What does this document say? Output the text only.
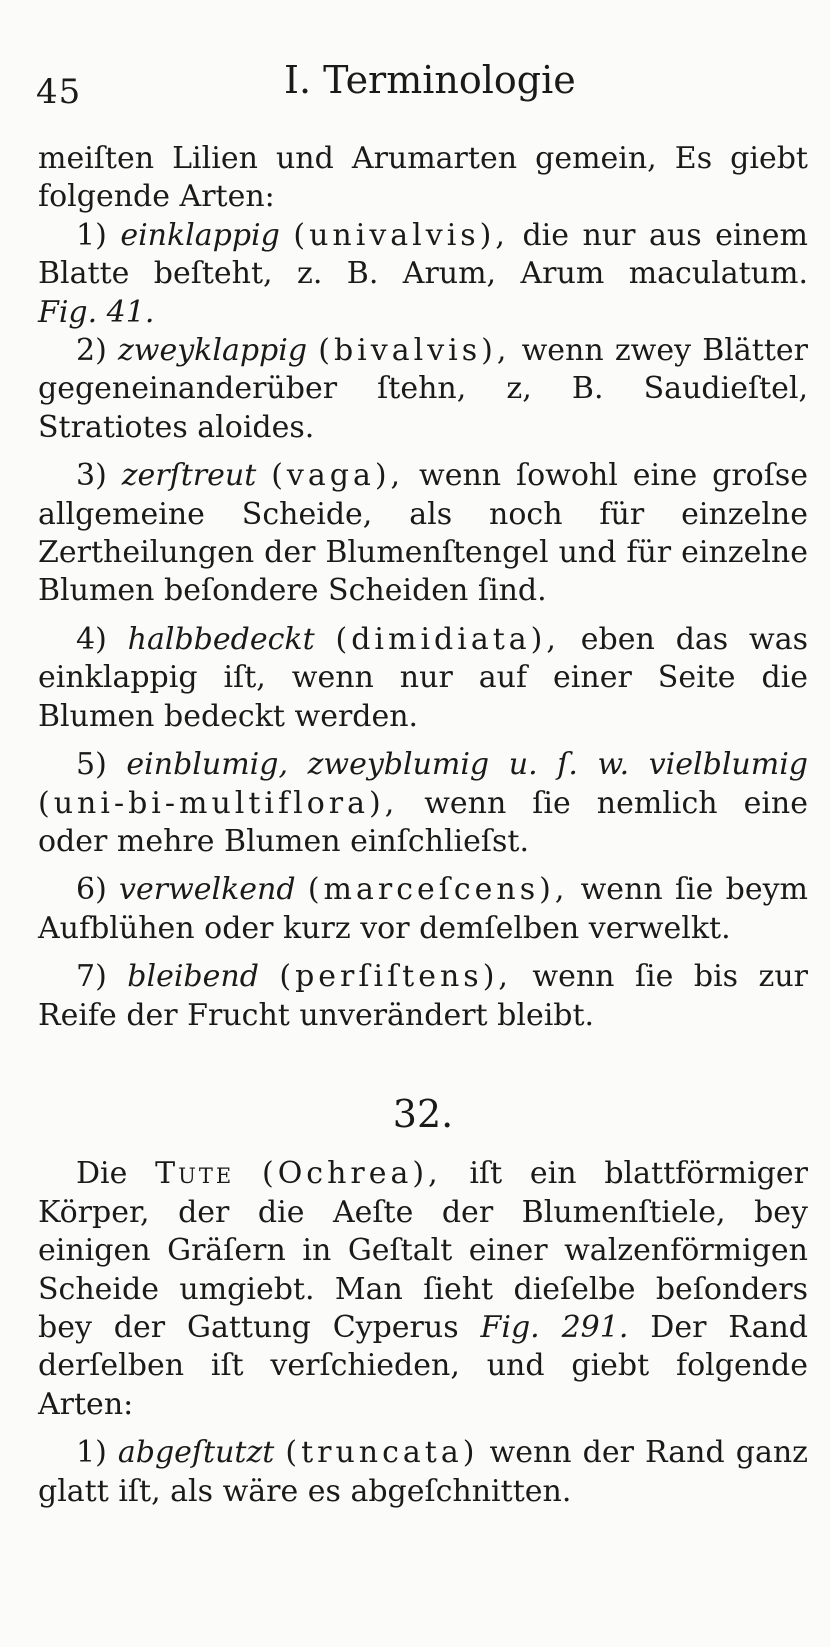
45	I. Terminologie

meiſten Lilien und Arumarten gemein, Es giebt folgende Arten:

1) einklappig (univalvis), die nur aus einem Blatte beſteht, z. B. Arum, Arum maculatum.

Fig. 41.

2) zweyklappig (bivalvis), wenn zwey Blätter gegeneinanderüber ſtehn, z, B. Saudieſtel, Stratiotes aloides.

3) zerſtreut (vaga), wenn ſowohl eine groſse allgemeine Scheide, als noch für einzelne Zertheilungen der Blumenſtengel und für einzelne Blumen beſondere Scheiden ſind.

4) halbbedeckt (dimidiata), eben das was einklappig iſt, wenn nur auf einer Seite die Blumen bedeckt werden.

5) einblumig, zweyblumig u. ſ. w. vielblumig (uni-bi-multiflora), wenn ſie nemlich eine oder mehre Blumen einſchlieſst.

6) verwelkend (marceſcens), wenn ſie beym Aufblühen oder kurz vor demſelben verwelkt.

7) bleibend (perſiſtens), wenn ſie bis zur Reife der Frucht unverändert bleibt.

32.

Die Tute (Ochrea), iſt ein blattförmiger Körper, der die Aeſte der Blumenſtiele, bey einigen Gräſern in Geſtalt einer walzenförmigen Scheide umgiebt. Man ſieht dieſelbe beſonders bey der Gattung Cyperus Fig. 291. Der Rand derſelben iſt verſchieden, und giebt folgende Arten:

1) abgeſtutzt (truncata) wenn der Rand ganz glatt iſt, als wäre es abgeſchnitten.
